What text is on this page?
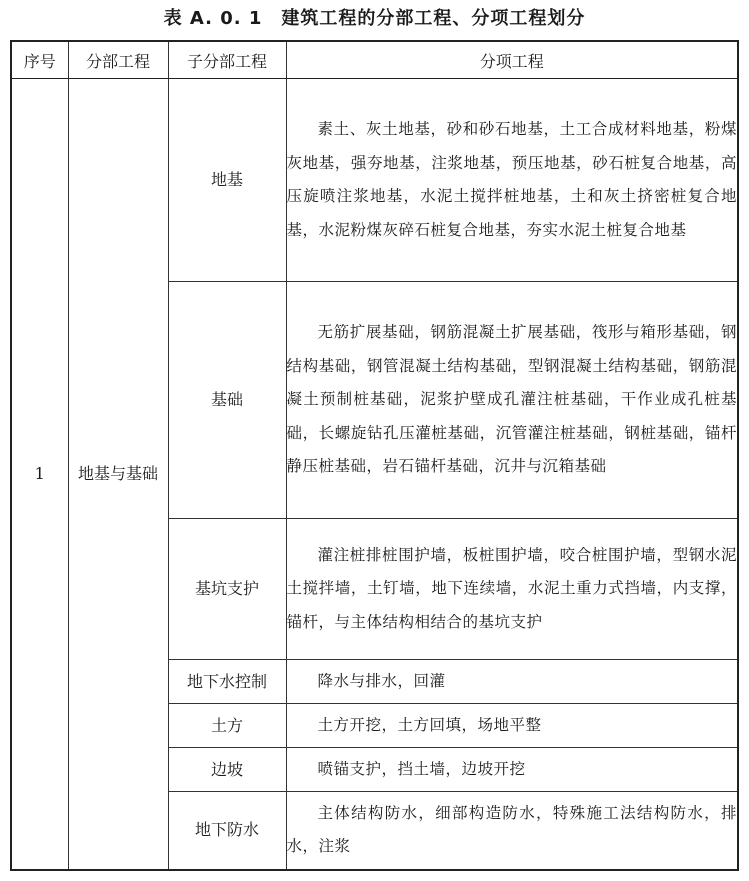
表 A. 0. 1　建筑工程的分部工程、分项工程划分
序号	分部工程	子分部工程	分项工程
1	地基与基础	地基	素土、灰土地基，砂和砂石地基，土工合成材料地基，粉煤灰地基，强夯地基，注浆地基，预压地基，砂石桩复合地基，高压旋喷注浆地基，水泥土搅拌桩地基，土和灰土挤密桩复合地基，水泥粉煤灰碎石桩复合地基，夯实水泥土桩复合地基
		基础	无筋扩展基础，钢筋混凝土扩展基础，筏形与箱形基础，钢结构基础，钢管混凝土结构基础，型钢混凝土结构基础，钢筋混凝土预制桩基础，泥浆护壁成孔灌注桩基础，干作业成孔桩基础，长螺旋钻孔压灌桩基础，沉管灌注桩基础，钢桩基础，锚杆静压桩基础，岩石锚杆基础，沉井与沉箱基础
		基坑支护	灌注桩排桩围护墙，板桩围护墙，咬合桩围护墙，型钢水泥土搅拌墙，土钉墙，地下连续墙，水泥土重力式挡墙，内支撑，锚杆，与主体结构相结合的基坑支护
		地下水控制	降水与排水，回灌
		土方	土方开挖，土方回填，场地平整
		边坡	喷锚支护，挡土墙，边坡开挖
		地下防水	主体结构防水，细部构造防水，特殊施工法结构防水，排水，注浆
